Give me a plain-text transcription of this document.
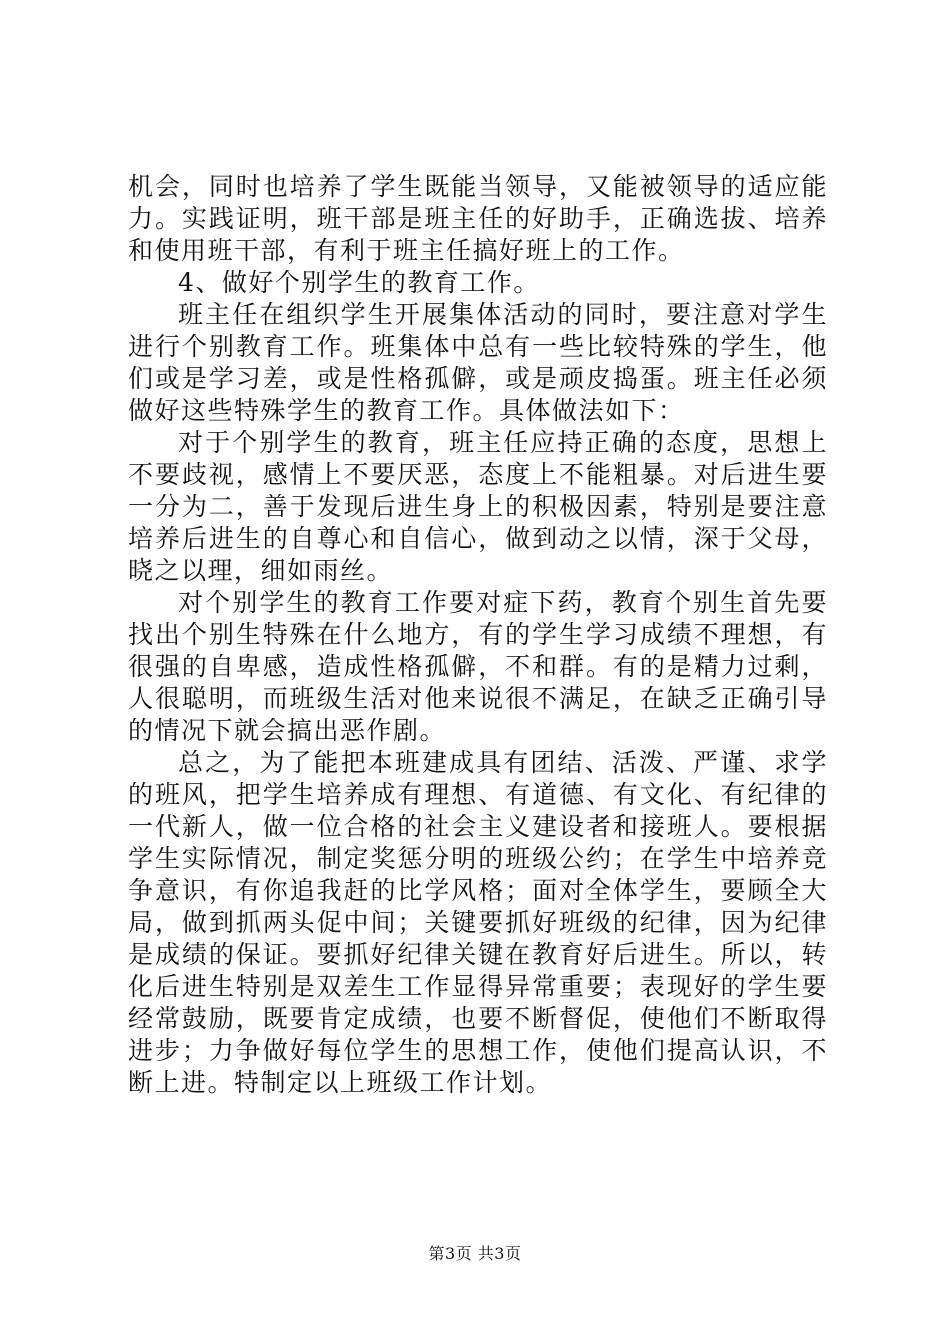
机会，同时也培养了学生既能当领导，又能被领导的适应能力。实践证明，班干部是班主任的好助手，正确选拔、培养和使用班干部，有利于班主任搞好班上的工作。

4、做好个别学生的教育工作。

班主任在组织学生开展集体活动的同时，要注意对学生进行个别教育工作。班集体中总有一些比较特殊的学生，他们或是学习差，或是性格孤僻，或是顽皮捣蛋。班主任必须做好这些特殊学生的教育工作。具体做法如下：

对于个别学生的教育，班主任应持正确的态度，思想上不要歧视，感情上不要厌恶，态度上不能粗暴。对后进生要一分为二，善于发现后进生身上的积极因素，特别是要注意培养后进生的自尊心和自信心，做到动之以情，深于父母，晓之以理，细如雨丝。

对个别学生的教育工作要对症下药，教育个别生首先要找出个别生特殊在什么地方，有的学生学习成绩不理想，有很强的自卑感，造成性格孤僻，不和群。有的是精力过剩，人很聪明，而班级生活对他来说很不满足，在缺乏正确引导的情况下就会搞出恶作剧。

总之，为了能把本班建成具有团结、活泼、严谨、求学的班风，把学生培养成有理想、有道德、有文化、有纪律的一代新人，做一位合格的社会主义建设者和接班人。要根据学生实际情况，制定奖惩分明的班级公约；在学生中培养竞争意识，有你追我赶的比学风格；面对全体学生，要顾全大局，做到抓两头促中间；关键要抓好班级的纪律，因为纪律是成绩的保证。要抓好纪律关键在教育好后进生。所以，转化后进生特别是双差生工作显得异常重要；表现好的学生要经常鼓励，既要肯定成绩，也要不断督促，使他们不断取得进步；力争做好每位学生的思想工作，使他们提高认识，不断上进。特制定以上班级工作计划。

第3页 共3页
